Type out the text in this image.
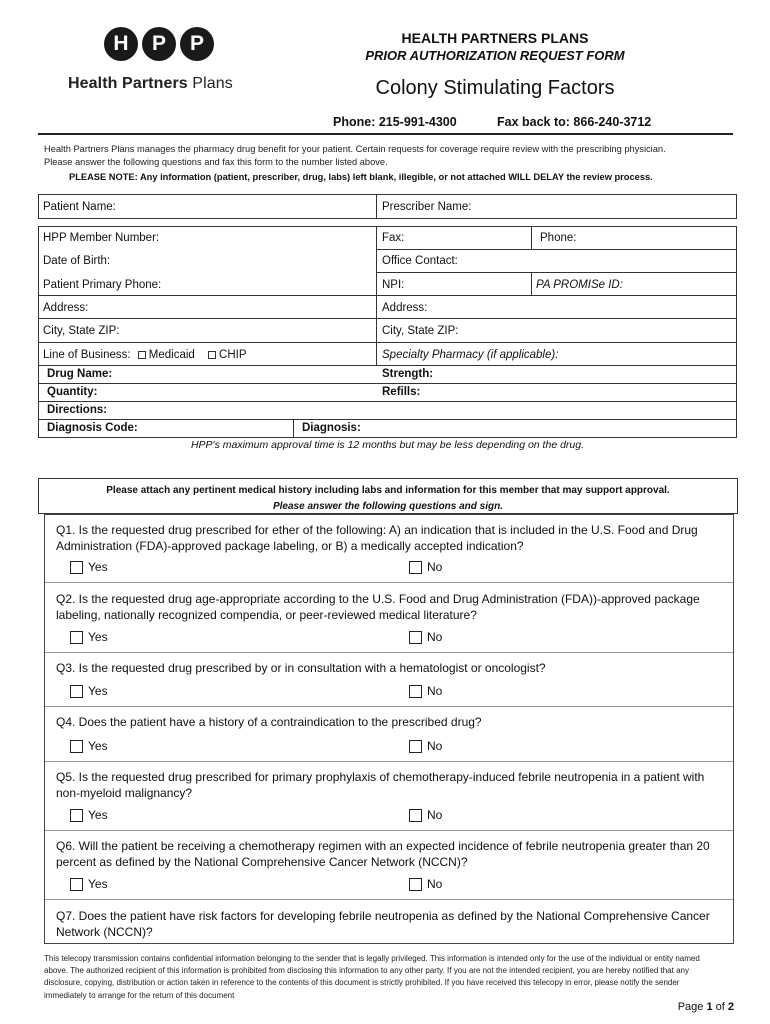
H	P	P
Health Partners Plans
HEALTH PARTNERS PLANS
PRIOR AUTHORIZATION REQUEST FORM
Colony Stimulating Factors
Phone: 215-991-4300	Fax back to: 866-240-3712
Health Partners Plans manages the pharmacy drug benefit for your patient. Certain requests for coverage require review with the prescribing physician.
Please answer the following questions and fax this form to the number listed above.
PLEASE NOTE: Any information (patient, prescriber, drug, labs) left blank, illegible, or not attached WILL DELAY the review process.
Patient Name:	Prescriber Name:
HPP Member Number:	Fax:	Phone:
Date of Birth:	Office Contact:
Patient Primary Phone:	NPI:	PA PROMISe ID:
Address:	Address:
City, State ZIP:	City, State ZIP:
Line of Business: Medicaid CHIP	Specialty Pharmacy (if applicable):
Drug Name:	Strength:
Quantity:	Refills:
Directions:
Diagnosis Code:	Diagnosis:
HPP's maximum approval time is 12 months but may be less depending on the drug.
Please attach any pertinent medical history including labs and information for this member that may support approval.
Please answer the following questions and sign.
Q1. Is the requested drug prescribed for ether of the following: A) an indication that is included in the U.S. Food and Drug Administration (FDA)-approved package labeling, or B) a medically accepted indication?
Yes	No
Q2. Is the requested drug age-appropriate according to the U.S. Food and Drug Administration (FDA))-approved package labeling, nationally recognized compendia, or peer-reviewed medical literature?
Yes	No
Q3. Is the requested drug prescribed by or in consultation with a hematologist or oncologist?
Yes	No
Q4. Does the patient have a history of a contraindication to the prescribed drug?
Yes	No
Q5. Is the requested drug prescribed for primary prophylaxis of chemotherapy-induced febrile neutropenia in a patient with non-myeloid malignancy?
Yes	No
Q6. Will the patient be receiving a chemotherapy regimen with an expected incidence of febrile neutropenia greater than 20 percent as defined by the National Comprehensive Cancer Network (NCCN)?
Yes	No
Q7. Does the patient have risk factors for developing febrile neutropenia as defined by the National Comprehensive Cancer Network (NCCN)?
This telecopy transmission contains confidential information belonging to the sender that is legally privileged. This information is intended only for the use of the individual or entity named above. The authorized recipient of this information is prohibited from disclosing this information to any other party. If you are not the intended recipient, you are hereby notified that any disclosure, copying, distribution or action taken in reference to the contents of this document is strictly prohibited. If you have received this telecopy in error, please notify the sender immediately to arrange for the return of this document
Page 1 of 2
